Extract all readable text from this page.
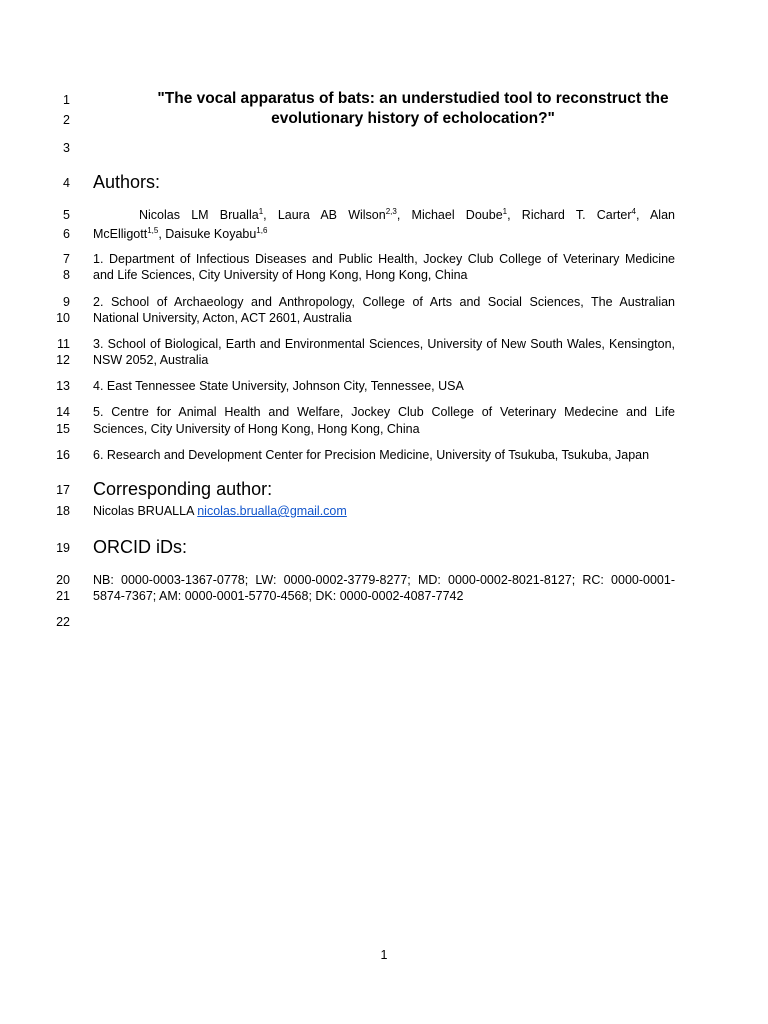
1
2
3
4
5
6
7
8
9
10
11
12
13
14
15
16
17
18
19
20
21
22
"The vocal apparatus of bats: an understudied tool to reconstruct the
evolutionary history of echolocation?"
Authors:
Nicolas LM Brualla$^1$, Laura AB Wilson$^{2,3}$, Michael Doube$^1$, Richard T. Carter$^4$, Alan
McElligott$^{1,5}$, Daisuke Koyabu$^{1,6}$
1. Department of Infectious Diseases and Public Health, Jockey Club College of Veterinary Medicine
and Life Sciences, City University of Hong Kong, Hong Kong, China
2. School of Archaeology and Anthropology, College of Arts and Social Sciences, The Australian
National University, Acton, ACT 2601, Australia
3. School of Biological, Earth and Environmental Sciences, University of New South Wales, Kensington,
NSW 2052, Australia
4. East Tennessee State University, Johnson City, Tennessee, USA
5. Centre for Animal Health and Welfare, Jockey Club College of Veterinary Medecine and Life
Sciences, City University of Hong Kong, Hong Kong, China
6. Research and Development Center for Precision Medicine, University of Tsukuba, Tsukuba, Japan
Corresponding author:
Nicolas BRUALLA nicolas.brualla@gmail.com
ORCID iDs:
NB: 0000-0003-1367-0778; LW: 0000-0002-3779-8277; MD: 0000-0002-8021-8127; RC: 0000-0001-
5874-7367; AM: 0000-0001-5770-4568; DK: 0000-0002-4087-7742
1
